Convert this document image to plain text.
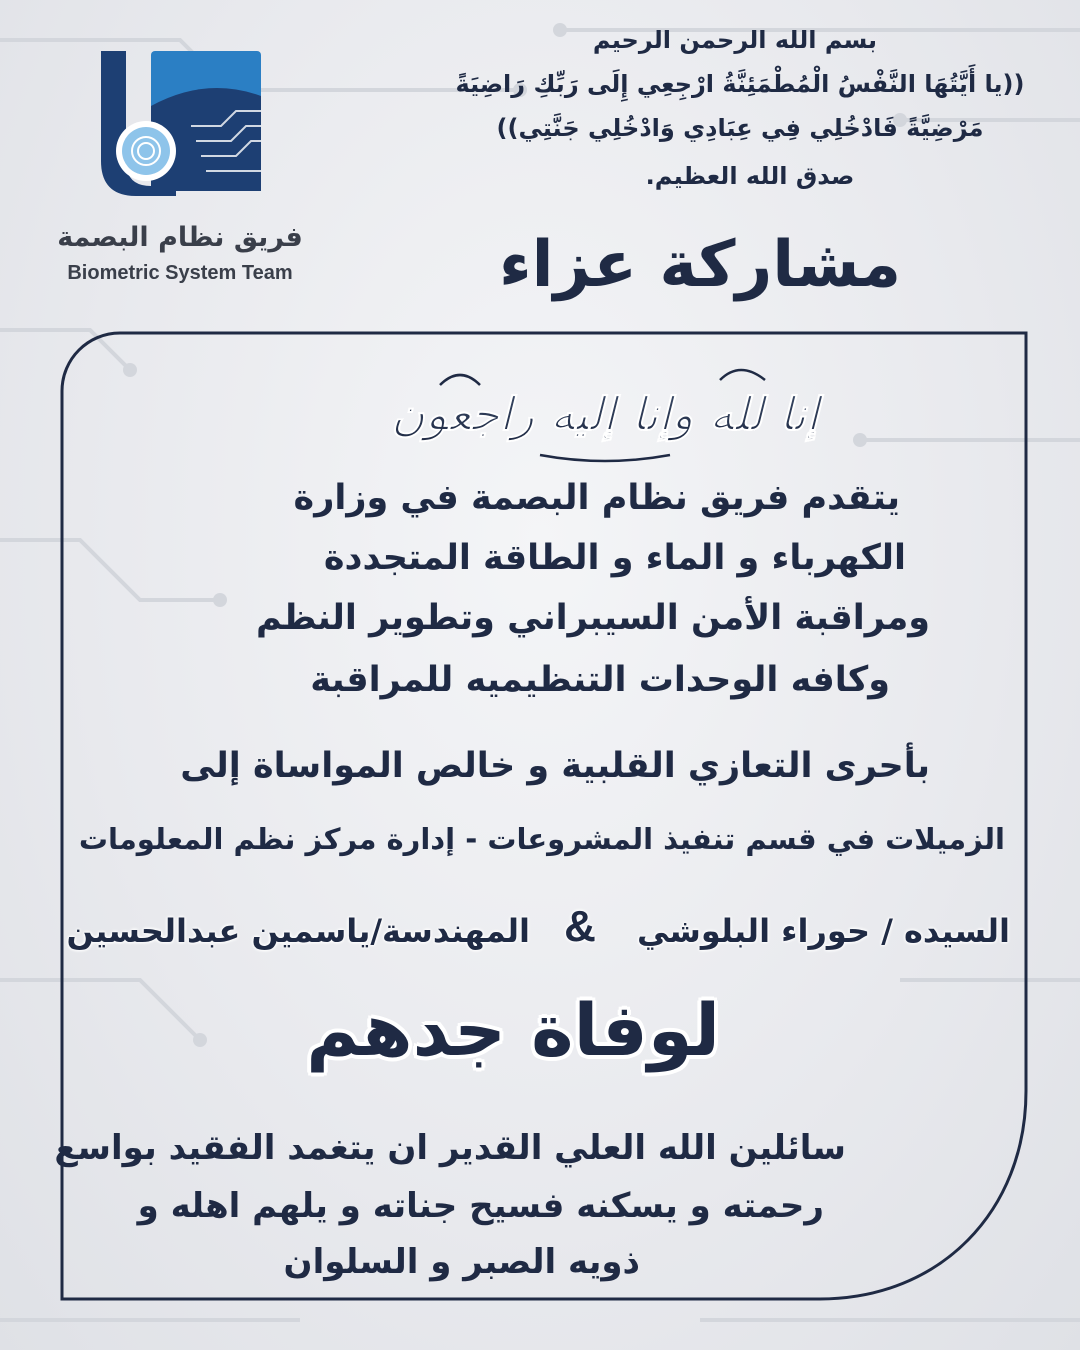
فريق نظام البصمة
Biometric System Team
بسم الله الرحمن الرحيم
((يا أَيَّتُهَا النَّفْسُ الْمُطْمَئِنَّةُ ارْجِعِي إِلَى رَبِّكِ رَاضِيَةً
مَرْضِيَّةً فَادْخُلِي فِي عِبَادِي وَادْخُلِي جَنَّتِي))
صدق الله العظيم.
مشاركة عزاء
إنا لله وإنا إليه راجعون
يتقدم فريق نظام البصمة في وزارة
الكهرباء و الماء و الطاقة المتجددة
ومراقبة الأمن السيبراني وتطوير النظم
وكافه الوحدات التنظيميه للمراقبة
بأحرى التعازي القلبية و خالص المواساة إلى
الزميلات في قسم تنفيذ المشروعات - إدارة مركز نظم المعلومات
السيده / حوراء البلوشي
&
المهندسة/ياسمين عبدالحسين
لوفاة جدهم
سائلين الله العلي القدير ان يتغمد الفقيد بواسع
رحمته و يسكنه فسيح جناته و يلهم اهله و
ذويه الصبر و السلوان
